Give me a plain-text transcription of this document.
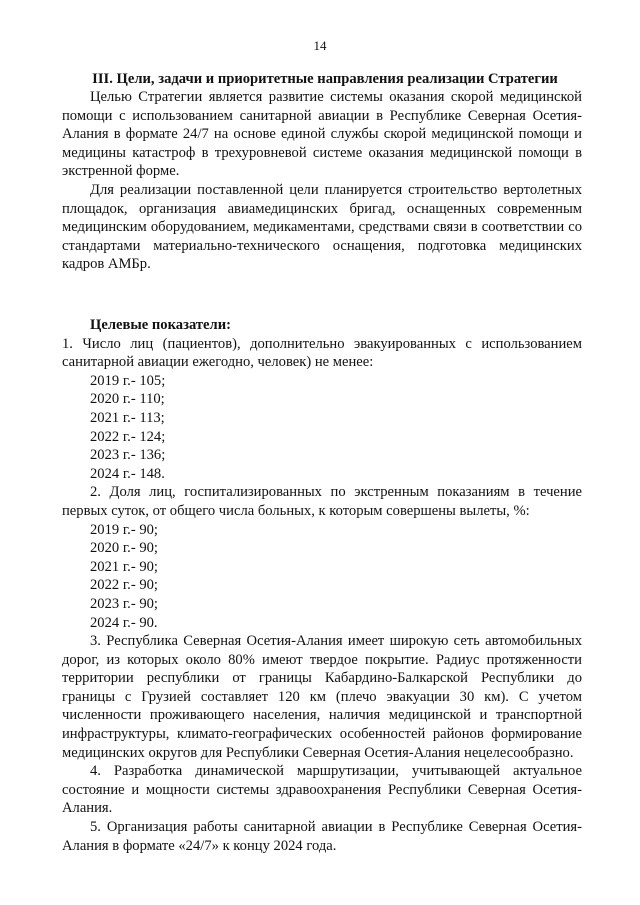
14
III. Цели, задачи и приоритетные направления реализации Стратегии

Целью Стратегии является развитие системы оказания скорой медицинской помощи с использованием санитарной авиации в Республике Северная Осетия-Алания в формате 24/7 на основе единой службы скорой медицинской помощи и медицины катастроф в трехуровневой системе оказания медицинской помощи в экстренной форме.

Для реализации поставленной цели планируется строительство вертолетных площадок, организация авиамедицинских бригад, оснащенных современным медицинским оборудованием, медикаментами, средствами связи в соответствии со стандартами материально-технического оснащения, подготовка медицинских кадров АМБр.

Целевые показатели:

1. Число лиц (пациентов), дополнительно эвакуированных с использованием санитарной авиации ежегодно, человек) не менее:

2019 г.- 105;

2020 г.- 110;

2021 г.- 113;

2022 г.- 124;

2023 г.- 136;

2024 г.- 148.

2. Доля лиц, госпитализированных по экстренным показаниям в течение первых суток, от общего числа больных, к которым совершены вылеты, %:

2019 г.- 90;

2020 г.- 90;

2021 г.- 90;

2022 г.- 90;

2023 г.- 90;

2024 г.- 90.

3. Республика Северная Осетия-Алания имеет широкую сеть автомобильных дорог, из которых около 80% имеют твердое покрытие. Радиус протяженности территории республики от границы Кабардино-Балкарской Республики до границы с Грузией составляет 120 км (плечо эвакуации 30 км). С учетом численности проживающего населения, наличия медицинской и транспортной инфраструктуры, климато-географических особенностей районов формирование медицинских округов для Республики Северная Осетия-Алания нецелесообразно.

4. Разработка динамической маршрутизации, учитывающей актуальное состояние и мощности системы здравоохранения Республики Северная Осетия-Алания.

5. Организация работы санитарной авиации в Республике Северная Осетия-Алания в формате «24/7» к концу 2024 года.
